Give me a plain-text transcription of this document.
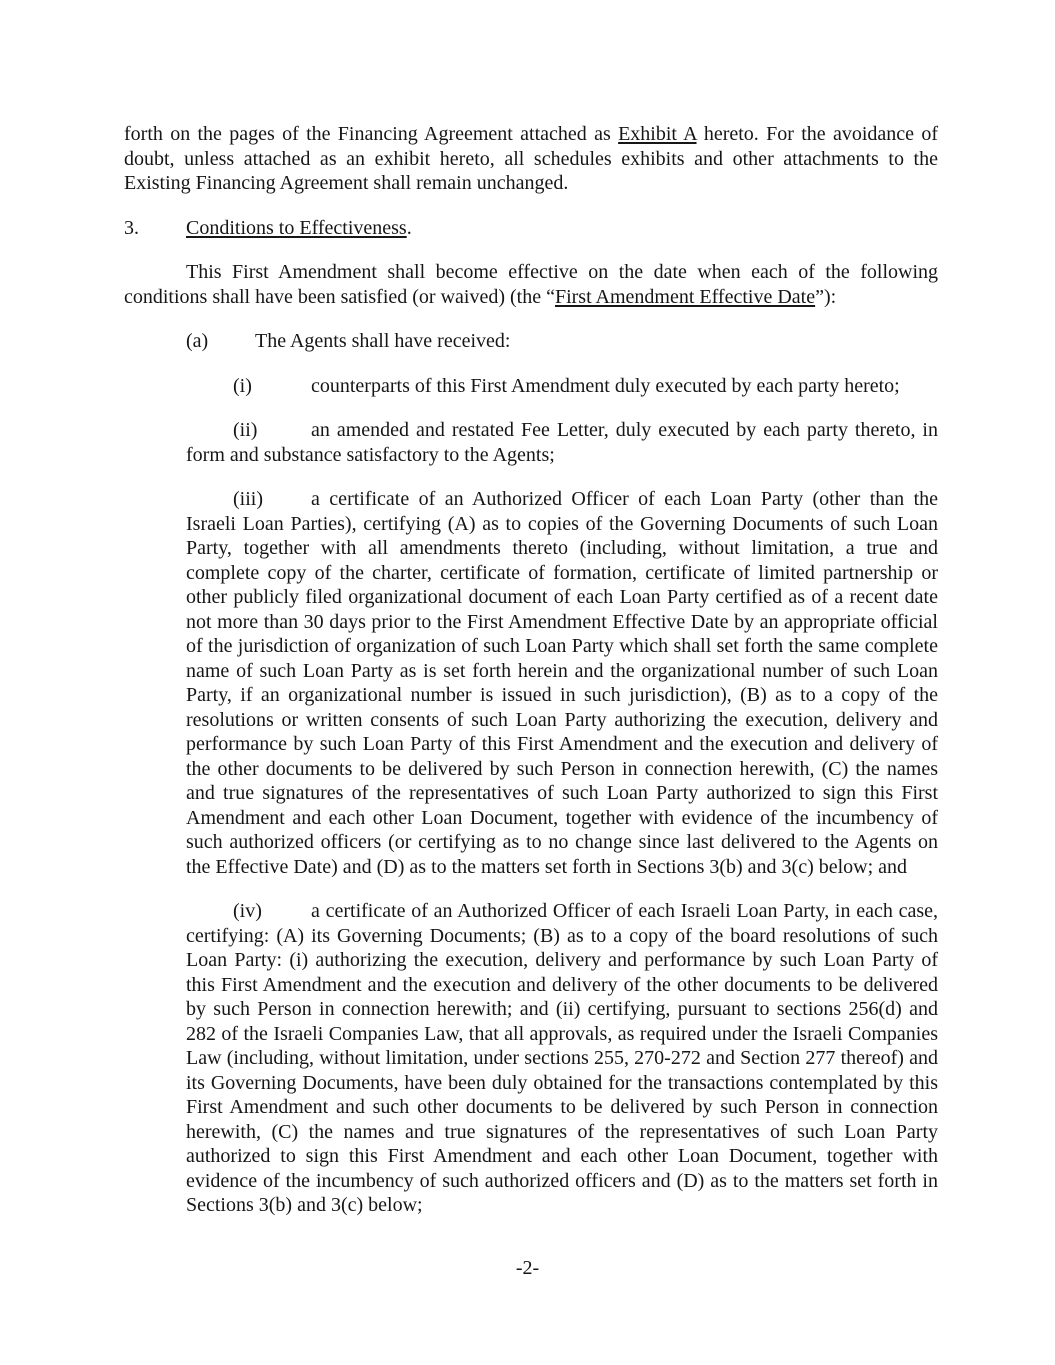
forth on the pages of the Financing Agreement attached as Exhibit A hereto. For the avoidance of doubt, unless attached as an exhibit hereto, all schedules exhibits and other attachments to the Existing Financing Agreement shall remain unchanged.

3. Conditions to Effectiveness.

This First Amendment shall become effective on the date when each of the following conditions shall have been satisfied (or waived) (the “First Amendment Effective Date”):

(a) The Agents shall have received:

(i)	counterparts of this First Amendment duly executed by each party hereto;

(ii)	an amended and restated Fee Letter, duly executed by each party thereto, in form and substance satisfactory to the Agents;

(iii) a certificate of an Authorized Officer of each Loan Party (other than the Israeli Loan Parties), certifying (A) as to copies of the Governing Documents of such Loan Party, together with all amendments thereto (including, without limitation, a true and complete copy of the charter, certificate of formation, certificate of limited partnership or other publicly filed organizational document of each Loan Party certified as of a recent date not more than 30 days prior to the First Amendment Effective Date by an appropriate official of the jurisdiction of organization of such Loan Party which shall set forth the same complete name of such Loan Party as is set forth herein and the organizational number of such Loan Party, if an organizational number is issued in such jurisdiction), (B) as to a copy of the resolutions or written consents of such Loan Party authorizing the execution, delivery and performance by such Loan Party of this First Amendment and the execution and delivery of the other documents to be delivered by such Person in connection herewith, (C) the names and true signatures of the representatives of such Loan Party authorized to sign this First Amendment and each other Loan Document, together with evidence of the incumbency of such authorized officers (or certifying as to no change since last delivered to the Agents on the Effective Date) and (D) as to the matters set forth in Sections 3(b) and 3(c) below; and

(iv) a certificate of an Authorized Officer of each Israeli Loan Party, in each case, certifying: (A) its Governing Documents; (B) as to a copy of the board resolutions of such Loan Party: (i) authorizing the execution, delivery and performance by such Loan Party of this First Amendment and the execution and delivery of the other documents to be delivered by such Person in connection herewith; and (ii) certifying, pursuant to sections 256(d) and 282 of the Israeli Companies Law, that all approvals, as required under the Israeli Companies Law (including, without limitation, under sections 255, 270-272 and Section 277 thereof) and its Governing Documents, have been duly obtained for the transactions contemplated by this First Amendment and such other documents to be delivered by such Person in connection herewith, (C) the names and true signatures of the representatives of such Loan Party authorized to sign this First Amendment and each other Loan Document, together with evidence of the incumbency of such authorized officers and (D) as to the matters set forth in Sections 3(b) and 3(c) below;

-2-
